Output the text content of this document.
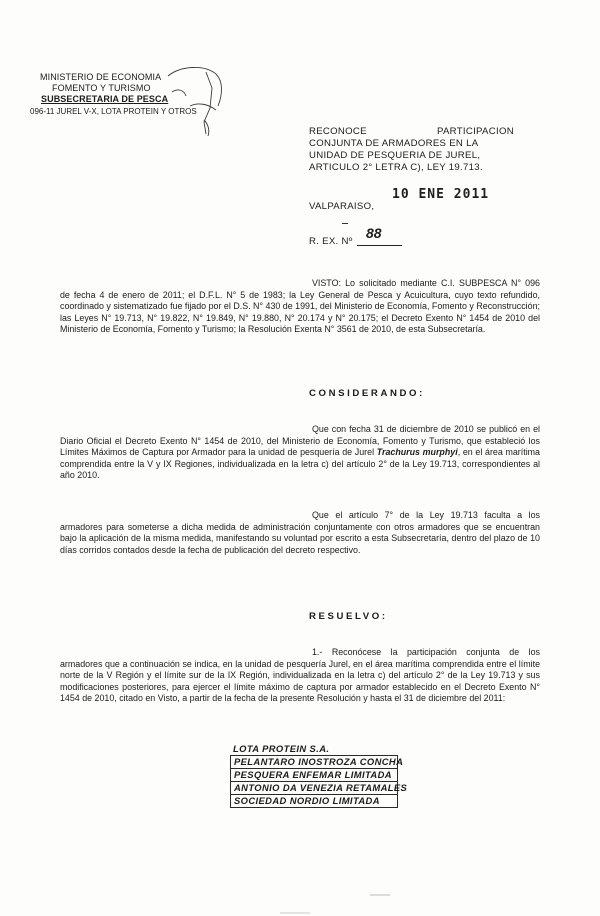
MINISTERIO DE ECONOMIA
FOMENTO Y TURISMO
SUBSECRETARIA DE PESCA
096-11 JUREL V-X, LOTA PROTEIN Y OTROS
RECONOCE	PARTICIPACION
CONJUNTA DE ARMADORES EN LA
UNIDAD DE PESQUERIA DE JUREL,
ARTICULO 2° LETRA C), LEY 19.713.
10 ENE 2011
VALPARAISO,
R. EX. Nº
88

VISTO: Lo solicitado mediante C.I. SUBPESCA N° 096 de fecha 4 de enero de 2011; el D.F.L. N° 5 de 1983; la Ley General de Pesca y Acuicultura, cuyo texto refundido, coordinado y sistematizado fue fijado por el D.S. N° 430 de 1991, del Ministerio de Economía, Fomento y Reconstrucción; las Leyes N° 19.713, N° 19.822, N° 19.849, N° 19.880, N° 20.174 y N° 20.175; el Decreto Exento N° 1454 de 2010 del Ministerio de Economía, Fomento y Turismo; la Resolución Exenta N° 3561 de 2010, de esta Subsecretaría.

CONSIDERANDO:

Que con fecha 31 de diciembre de 2010 se publicó en el Diario Oficial el Decreto Exento N° 1454 de 2010, del Ministerio de Economía, Fomento y Turismo, que estableció los Límites Máximos de Captura por Armador para la unidad de pesquería de Jurel Trachurus murphyi, en el área marítima comprendida entre la V y IX Regiones, individualizada en la letra c) del artículo 2° de la Ley 19.713, correspondientes al año 2010.

Que el artículo 7° de la Ley 19.713 faculta a los armadores para someterse a dicha medida de administración conjuntamente con otros armadores que se encuentran bajo la aplicación de la misma medida, manifestando su voluntad por escrito a esta Subsecretaría, dentro del plazo de 10 días corridos contados desde la fecha de publicación del decreto respectivo.

RESUELVO:

1.- Reconócese la participación conjunta de los armadores que a continuación se indica, en la unidad de pesquería Jurel, en el área marítima comprendida entre el límite norte de la V Región y el límite sur de la IX Región, individualizada en la letra c) del artículo 2° de la Ley 19.713 y sus modificaciones posteriores, para ejercer el límite máximo de captura por armador establecido en el Decreto Exento N° 1454 de 2010, citado en Visto, a partir de la fecha de la presente Resolución y hasta el 31 de diciembre del 2011:

LOTA PROTEIN S.A.
PELANTARO INOSTROZA CONCHA
PESQUERA ENFEMAR LIMITADA
ANTONIO DA VENEZIA RETAMALES
SOCIEDAD NORDIO LIMITADA
